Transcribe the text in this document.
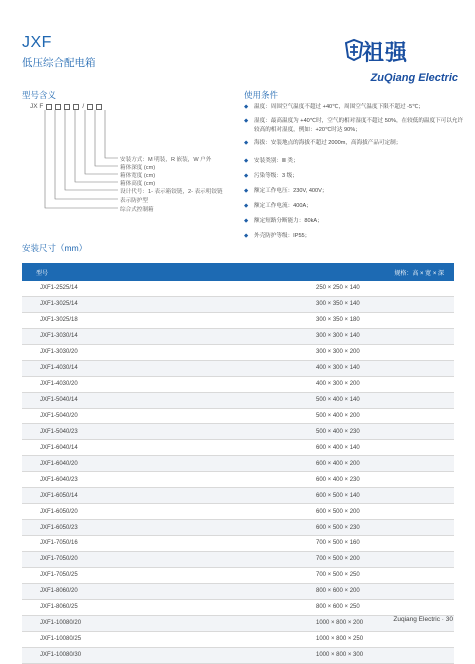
JXF
低压综合配电箱	祖强
ZuQiang Electric
型号含义
JX F	/
安装方式：M 明装，R 嵌装，W 户外
箱体深度 (cm)
箱体宽度 (cm)
箱体高度 (cm)
设计代号：1- 表示箱铰链，2- 表示明铰链
表示防护型
综合式控制箱
使用条件
◆	温度：周围空气温度不超过 +40℃，周围空气温度下限不超过 -5℃；
◆	湿度：最高温度为 +40℃时，空气的相对湿度不超过 50%，在较低的温度下可以允许较高的相对湿度，例如：+20℃时达 90%；
◆	海拔：安装地点的海拔不超过 2000m，高海拔产品可定制；
◆	安装类别：Ⅲ 类；
◆	污染等级：3 级；
◆	额定工作电压：230V, 400V；
◆	额定工作电流：400A；
◆	额定短路分断能力：80kA；
◆	外壳防护等级：IP55；
安装尺寸（mm）
型号	规格：高 × 宽 × 深
JXF1-2525/14	250 × 250 × 140
JXF1-3025/14	300 × 350 × 140
JXF1-3025/18	300 × 350 × 180
JXF1-3030/14	300 × 300 × 140
JXF1-3030/20	300 × 300 × 200
JXF1-4030/14	400 × 300 × 140
JXF1-4030/20	400 × 300 × 200
JXF1-5040/14	500 × 400 × 140
JXF1-5040/20	500 × 400 × 200
JXF1-5040/23	500 × 400 × 230
JXF1-6040/14	600 × 400 × 140
JXF1-6040/20	600 × 400 × 200
JXF1-6040/23	600 × 400 × 230
JXF1-6050/14	600 × 500 × 140
JXF1-6050/20	600 × 500 × 200
JXF1-6050/23	600 × 500 × 230
JXF1-7050/16	700 × 500 × 160
JXF1-7050/20	700 × 500 × 200
JXF1-7050/25	700 × 500 × 250
JXF1-8060/20	800 × 600 × 200
JXF1-8060/25	800 × 600 × 250
JXF1-10080/20	1000 × 800 × 200
JXF1-10080/25	1000 × 800 × 250
JXF1-10080/30	1000 × 800 × 300
Zuqiang Electric · 30
